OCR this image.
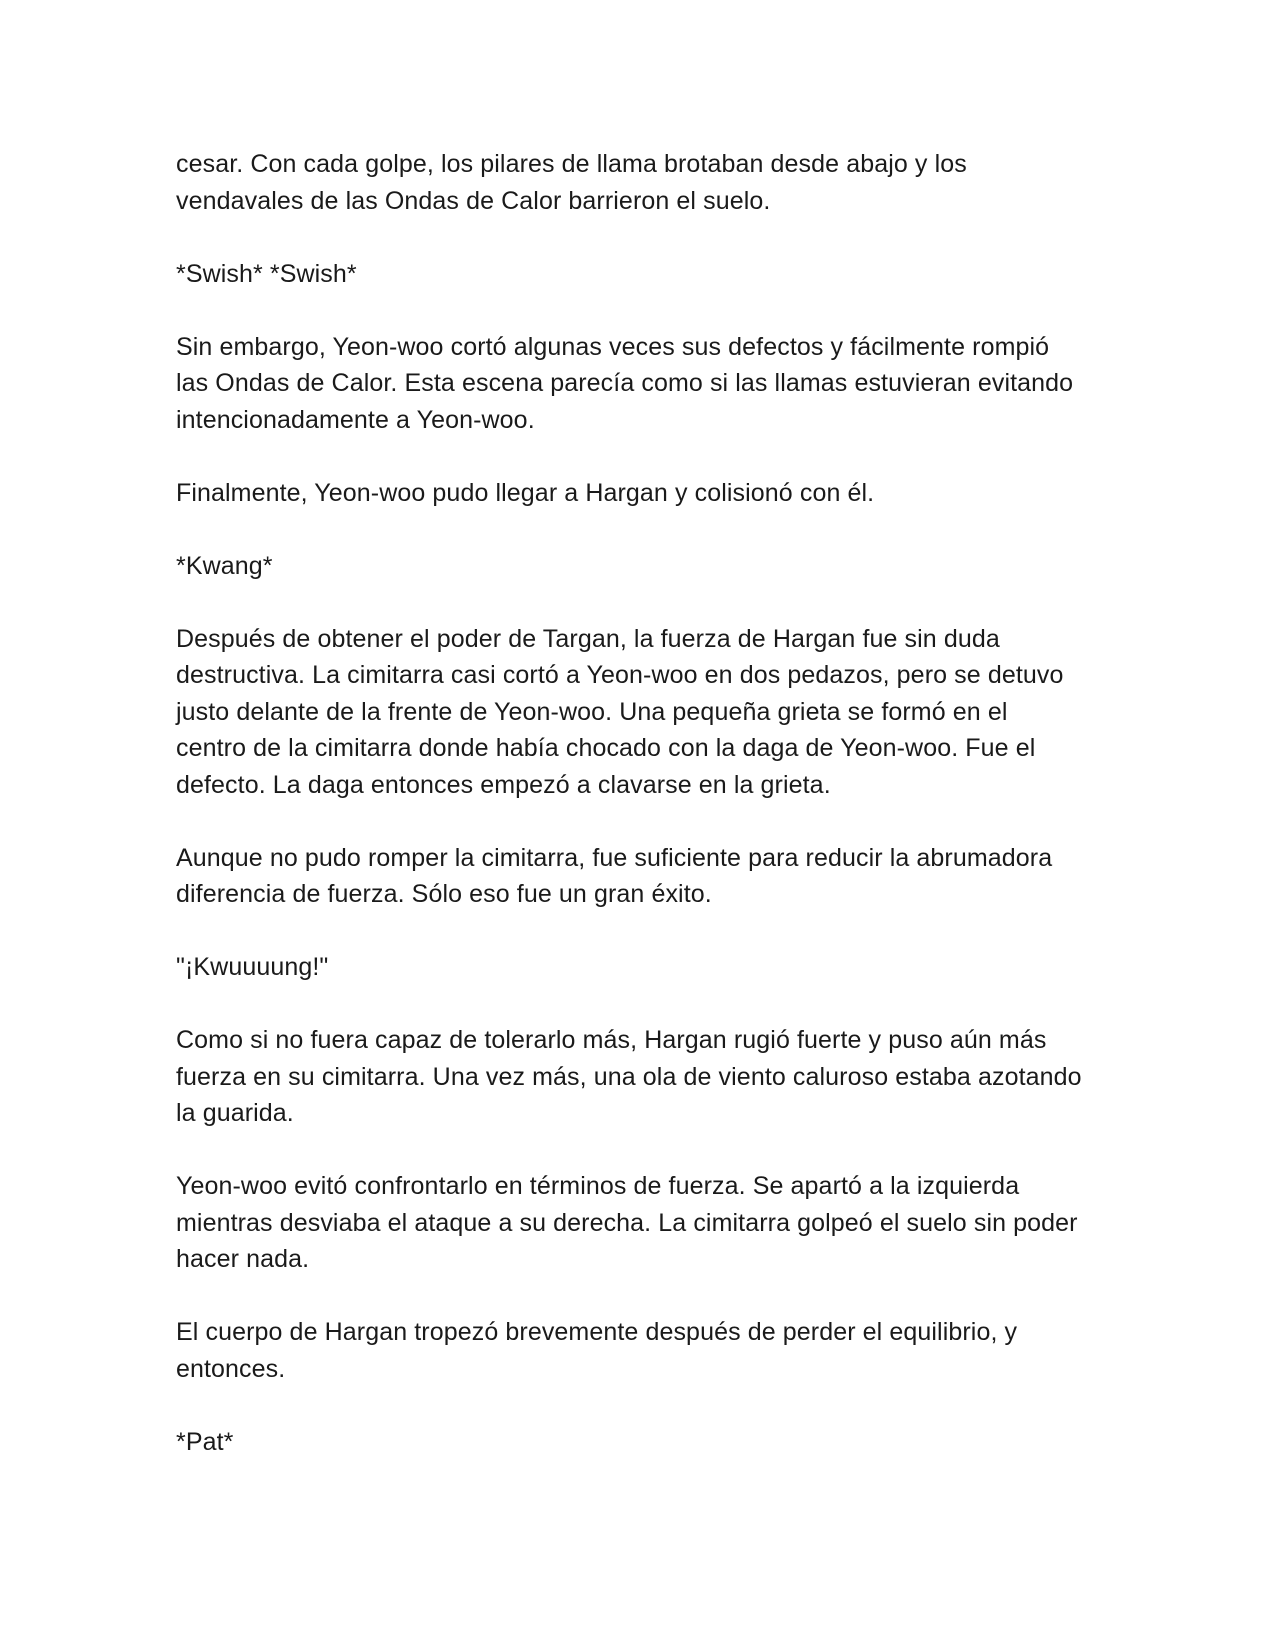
cesar. Con cada golpe, los pilares de llama brotaban desde abajo y los
vendavales de las Ondas de Calor barrieron el suelo.

*Swish* *Swish*

Sin embargo, Yeon-woo cortó algunas veces sus defectos y fácilmente rompió
las Ondas de Calor. Esta escena parecía como si las llamas estuvieran evitando
intencionadamente a Yeon-woo.

Finalmente, Yeon-woo pudo llegar a Hargan y colisionó con él.

*Kwang*

Después de obtener el poder de Targan, la fuerza de Hargan fue sin duda
destructiva. La cimitarra casi cortó a Yeon-woo en dos pedazos, pero se detuvo
justo delante de la frente de Yeon-woo. Una pequeña grieta se formó en el
centro de la cimitarra donde había chocado con la daga de Yeon-woo. Fue el
defecto. La daga entonces empezó a clavarse en la grieta.

Aunque no pudo romper la cimitarra, fue suficiente para reducir la abrumadora
diferencia de fuerza. Sólo eso fue un gran éxito.

"¡Kwuuuung!"

Como si no fuera capaz de tolerarlo más, Hargan rugió fuerte y puso aún más
fuerza en su cimitarra. Una vez más, una ola de viento caluroso estaba azotando
la guarida.

Yeon-woo evitó confrontarlo en términos de fuerza. Se apartó a la izquierda
mientras desviaba el ataque a su derecha. La cimitarra golpeó el suelo sin poder
hacer nada.

El cuerpo de Hargan tropezó brevemente después de perder el equilibrio, y
entonces.

*Pat*
